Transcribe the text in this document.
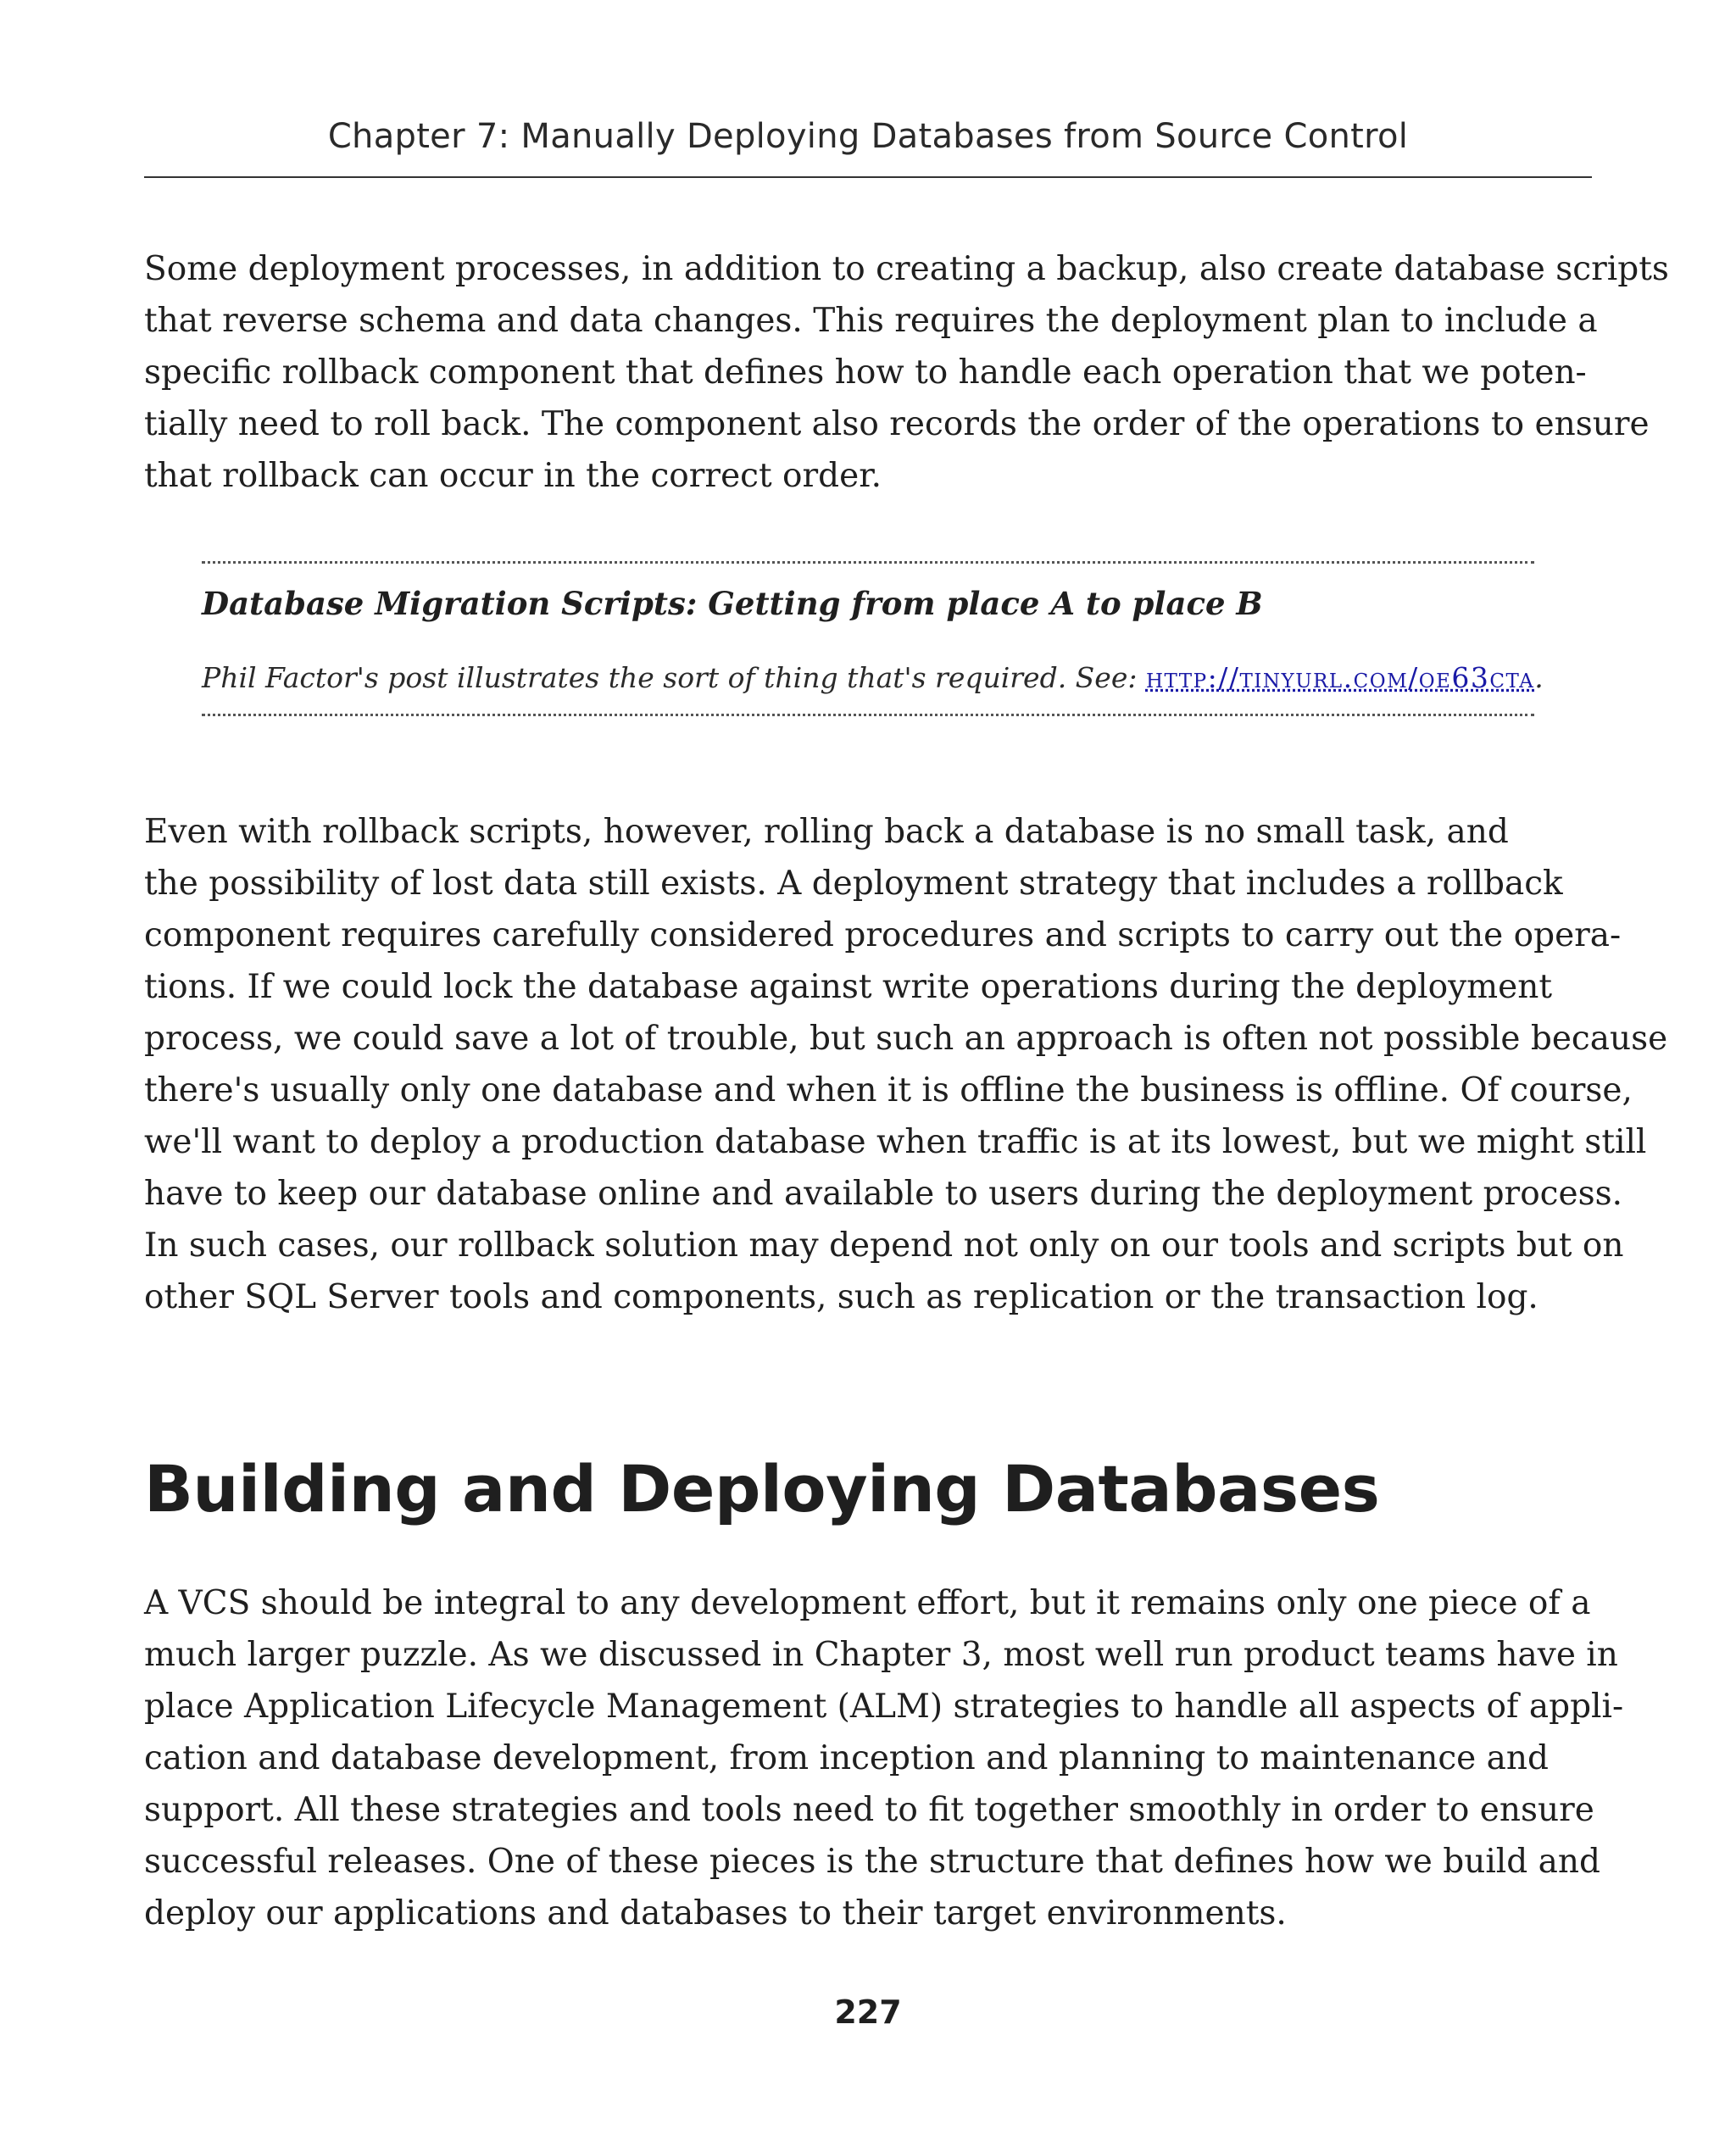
Chapter 7: Manually Deploying Databases from Source Control

Some deployment processes, in addition to creating a backup, also create database scripts
that reverse schema and data changes. This requires the deployment plan to include a
specific rollback component that defines how to handle each operation that we poten-
tially need to roll back. The component also records the order of the operations to ensure
that rollback can occur in the correct order.

Database Migration Scripts: Getting from place A to place B
Phil Factor's post illustrates the sort of thing that's required. See: http://tinyurl.com/oe63cta.

Even with rollback scripts, however, rolling back a database is no small task, and
the possibility of lost data still exists. A deployment strategy that includes a rollback
component requires carefully considered procedures and scripts to carry out the opera-
tions. If we could lock the database against write operations during the deployment
process, we could save a lot of trouble, but such an approach is often not possible because
there's usually only one database and when it is offline the business is offline. Of course,
we'll want to deploy a production database when traffic is at its lowest, but we might still
have to keep our database online and available to users during the deployment process.
In such cases, our rollback solution may depend not only on our tools and scripts but on
other SQL Server tools and components, such as replication or the transaction log.

Building and Deploying Databases

A VCS should be integral to any development effort, but it remains only one piece of a
much larger puzzle. As we discussed in Chapter 3, most well run product teams have in
place Application Lifecycle Management (ALM) strategies to handle all aspects of appli-
cation and database development, from inception and planning to maintenance and
support. All these strategies and tools need to fit together smoothly in order to ensure
successful releases. One of these pieces is the structure that defines how we build and
deploy our applications and databases to their target environments.

227
